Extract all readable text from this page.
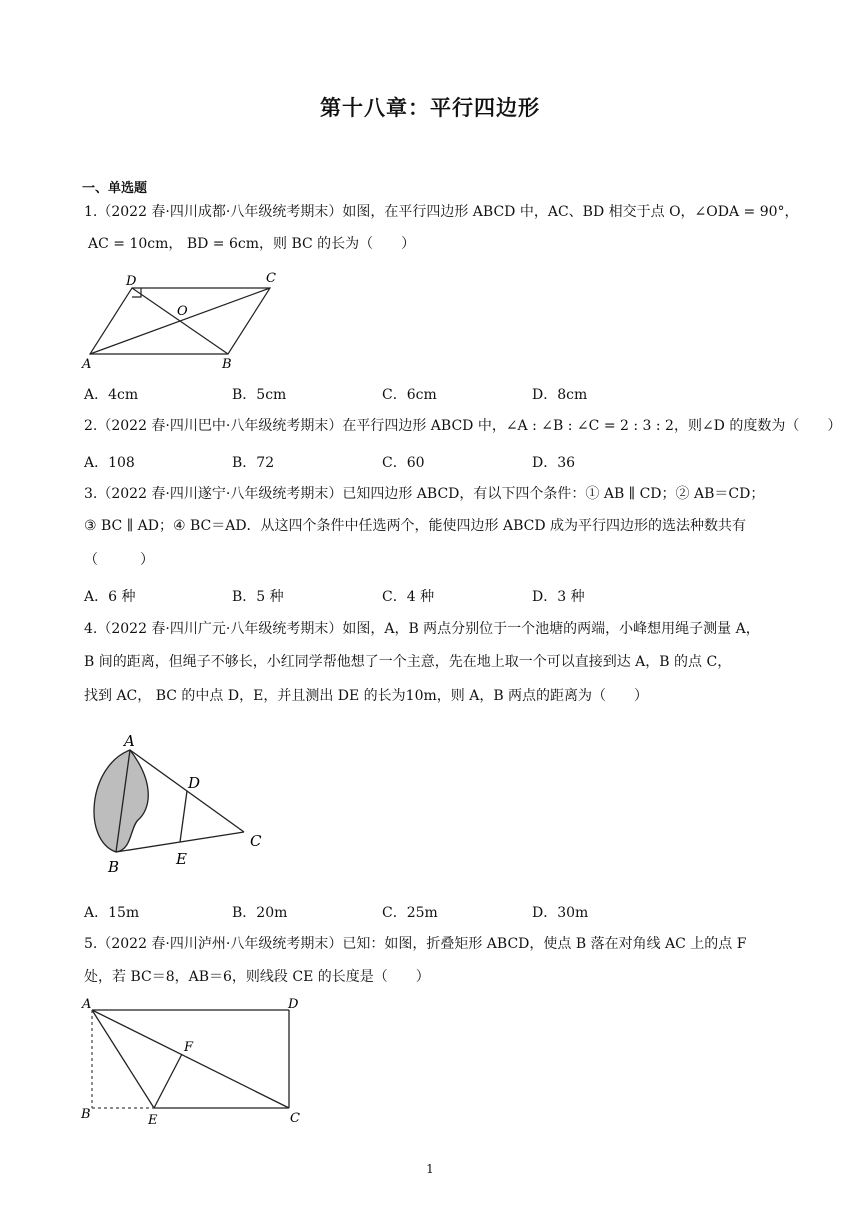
第十八章：平行四边形
一、单选题
1.（2022 春·四川成都·八年级统考期末）如图，在平行四边形 ABCD 中，AC、BD 相交于点 O，∠ODA = 90°，
AC = 10cm， BD = 6cm，则 BC 的长为（　　）
A	B
C
D
O
A．4cm	B．5cm	C．6cm	D．8cm
2.（2022 春·四川巴中·八年级统考期末）在平行四边形 ABCD 中，∠A : ∠B : ∠C = 2 : 3 : 2，则∠D 的度数为（　　）
A．108	B．72	C．60	D．36
3.（2022 春·四川遂宁·八年级统考期末）已知四边形 ABCD，有以下四个条件：① AB ∥ CD；② AB＝CD；
③ BC ∥ AD；④ BC＝AD．从这四个条件中任选两个，能使四边形 ABCD 成为平行四边形的选法种数共有
（　　　）
A．6 种	B．5 种	C．4 种	D．3 种
4.（2022 春·四川广元·八年级统考期末）如图，A，B 两点分别位于一个池塘的两端，小峰想用绳子测量 A，
B 间的距离，但绳子不够长，小红同学帮他想了一个主意，先在地上取一个可以直接到达 A，B 的点 C，
找到 AC， BC 的中点 D，E，并且测出 DE 的长为10m，则 A，B 两点的距离为（　　）
A
B
C
D
E
A．15m	B．20m	C．25m	D．30m
5.（2022 春·四川泸州·八年级统考期末）已知：如图，折叠矩形 ABCD，使点 B 落在对角线 AC 上的点 F
处，若 BC＝8，AB＝6，则线段 CE 的长度是（　　）
A
B	C
D
E
F
1
